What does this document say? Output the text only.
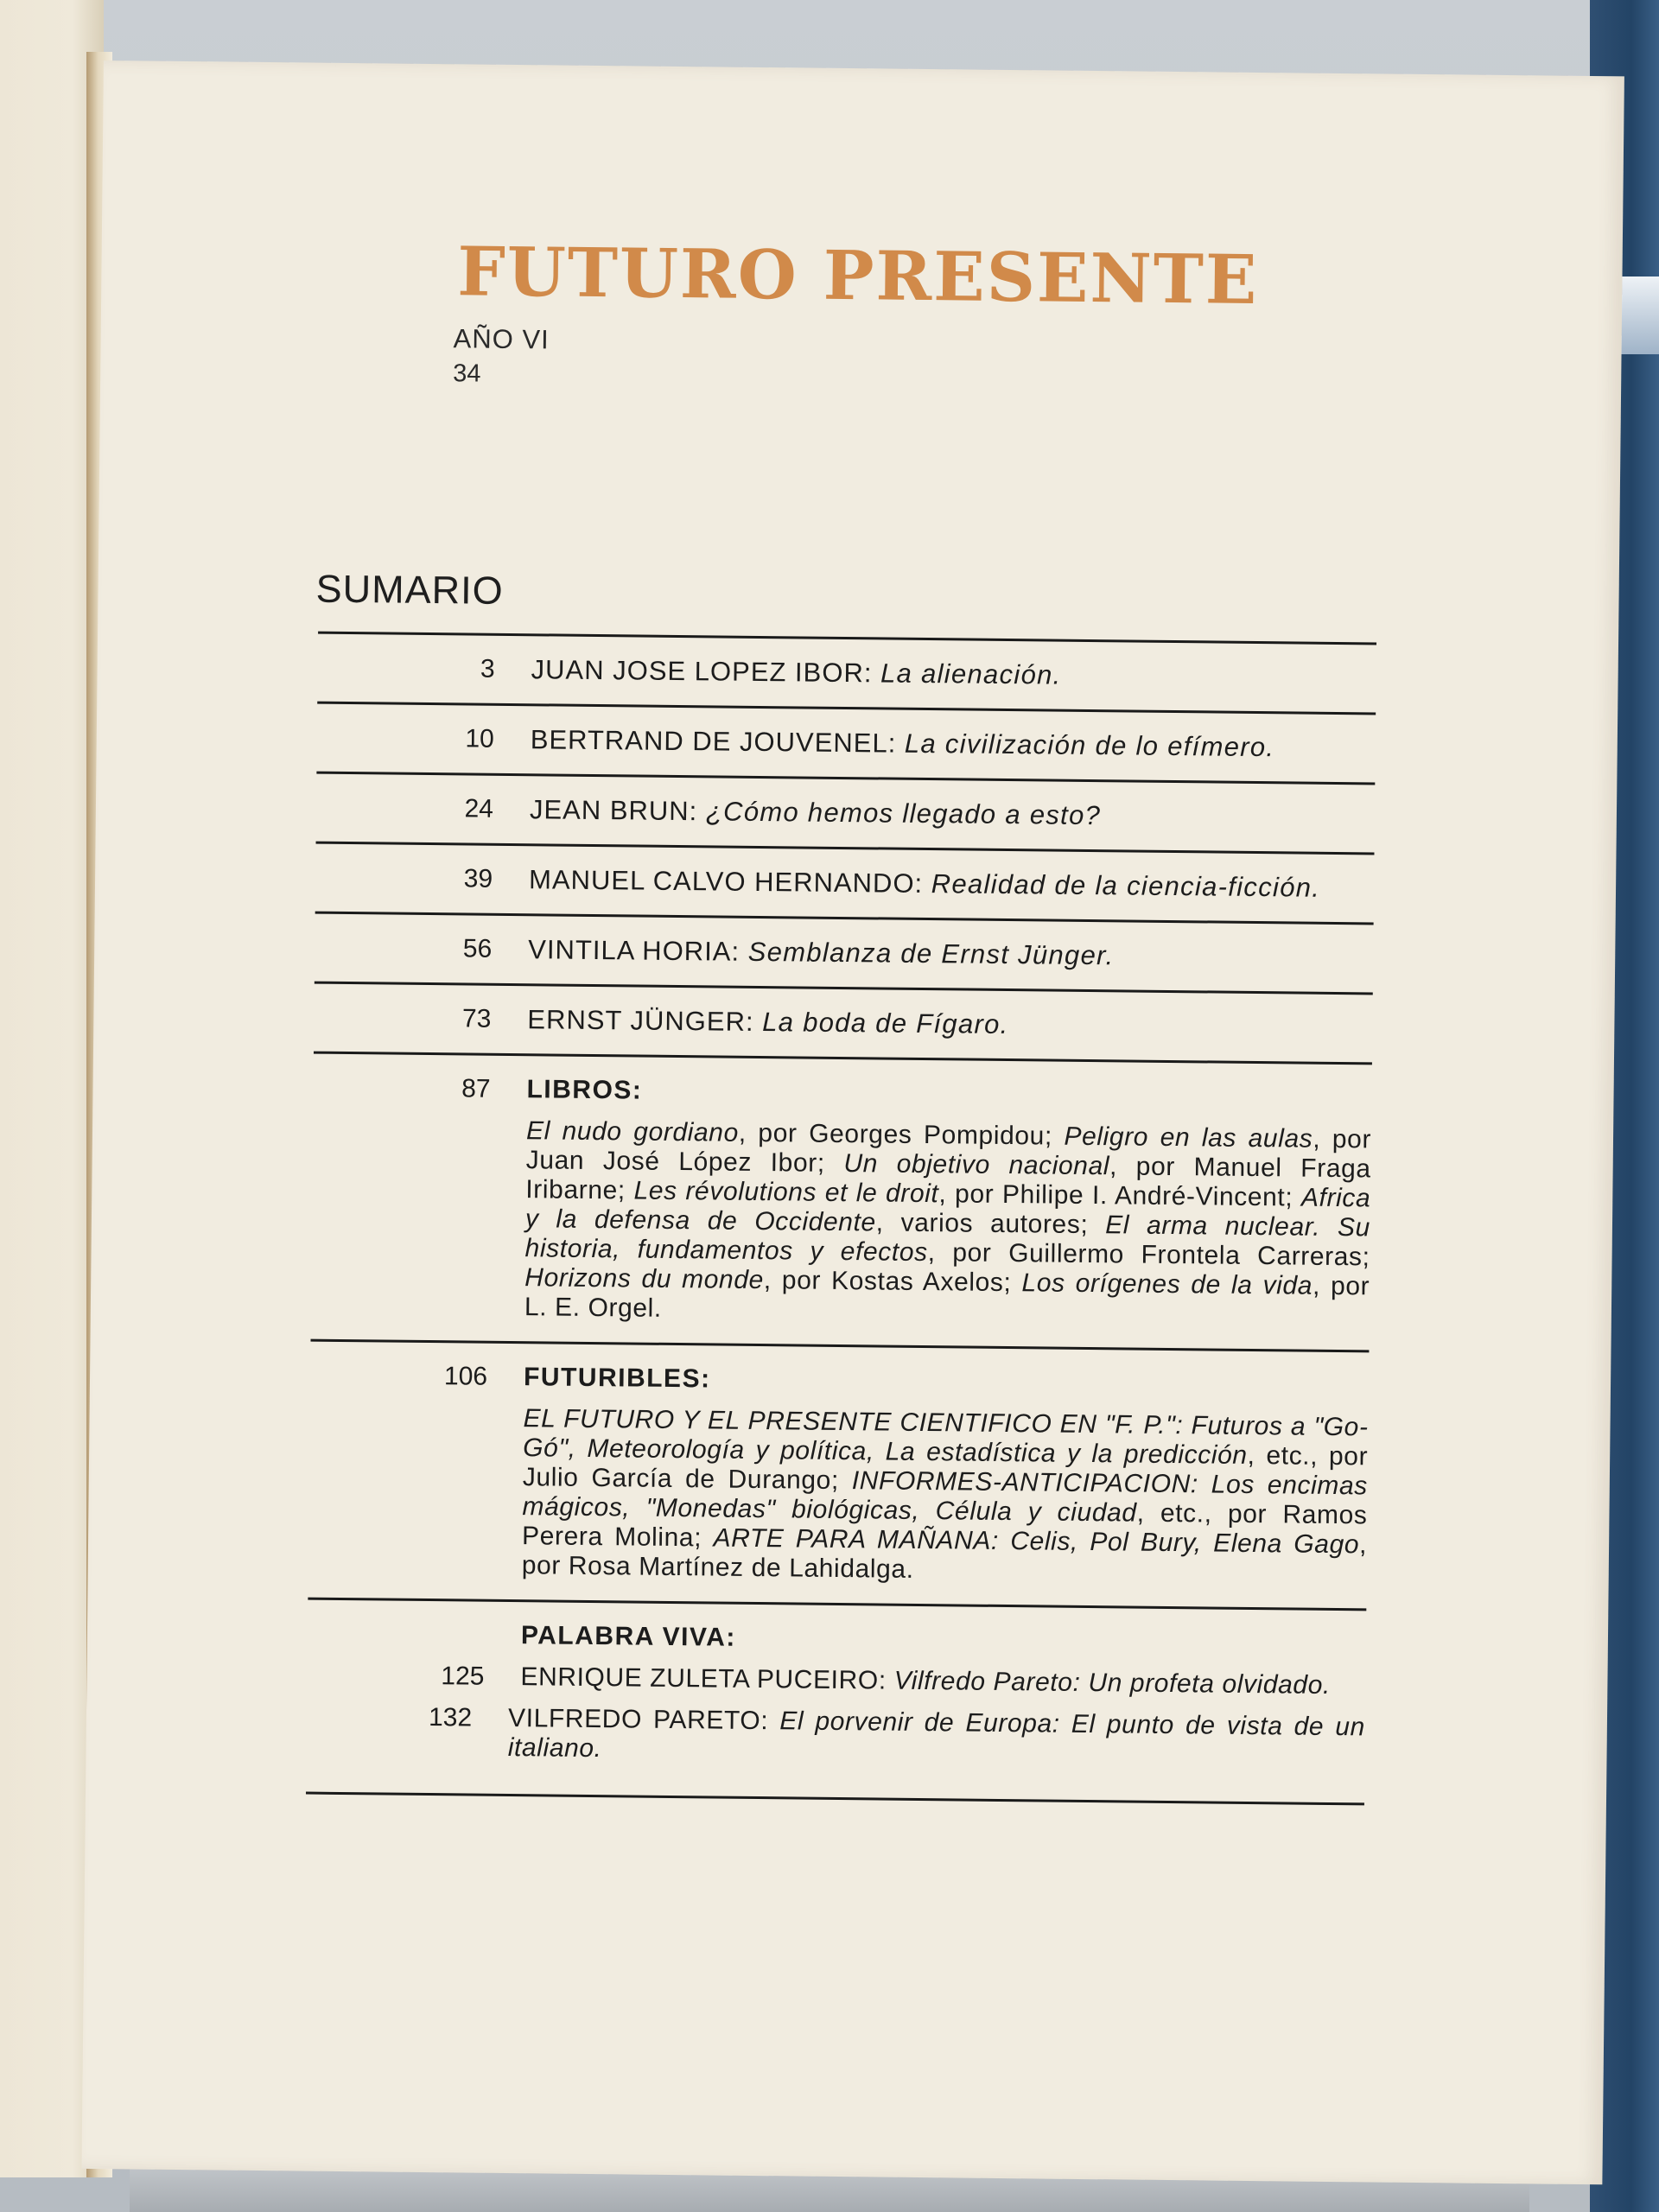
FUTURO PRESENTE
AÑO VI
34
SUMARIO
3	JUAN JOSE LOPEZ IBOR: La alienación.
10	BERTRAND DE JOUVENEL: La civilización de lo efímero.
24	JEAN BRUN: ¿Cómo hemos llegado a esto?
39	MANUEL CALVO HERNANDO: Realidad de la ciencia-ficción.
56	VINTILA HORIA: Semblanza de Ernst Jünger.
73	ERNST JÜNGER: La boda de Fígaro.
87	LIBROS:
El nudo gordiano, por Georges Pompidou; Peligro en las aulas, por Juan José López Ibor; Un objetivo nacional, por Manuel Fraga Iribarne; Les révolutions et le droit, por Philipe I. André-Vincent; Africa y la defensa de Occidente, varios autores; El arma nuclear. Su historia, fundamentos y efectos, por Guillermo Frontela Carreras; Horizons du monde, por Kostas Axelos; Los orígenes de la vida, por L. E. Orgel.
106	FUTURIBLES:
EL FUTURO Y EL PRESENTE CIENTIFICO EN "F. P.": Futuros a "Go-Gó", Meteorología y política, La estadística y la predicción, etc., por Julio García de Durango; INFORMES-ANTICIPACION: Los encimas mágicos, "Monedas" biológicas, Célula y ciudad, etc., por Ramos Perera Molina; ARTE PARA MAÑANA: Celis, Pol Bury, Elena Gago, por Rosa Martínez de Lahidalga.
PALABRA VIVA:
125	ENRIQUE ZULETA PUCEIRO: Vilfredo Pareto: Un profeta olvidado.
132	VILFREDO PARETO: El porvenir de Europa: El punto de vista de un italiano.
